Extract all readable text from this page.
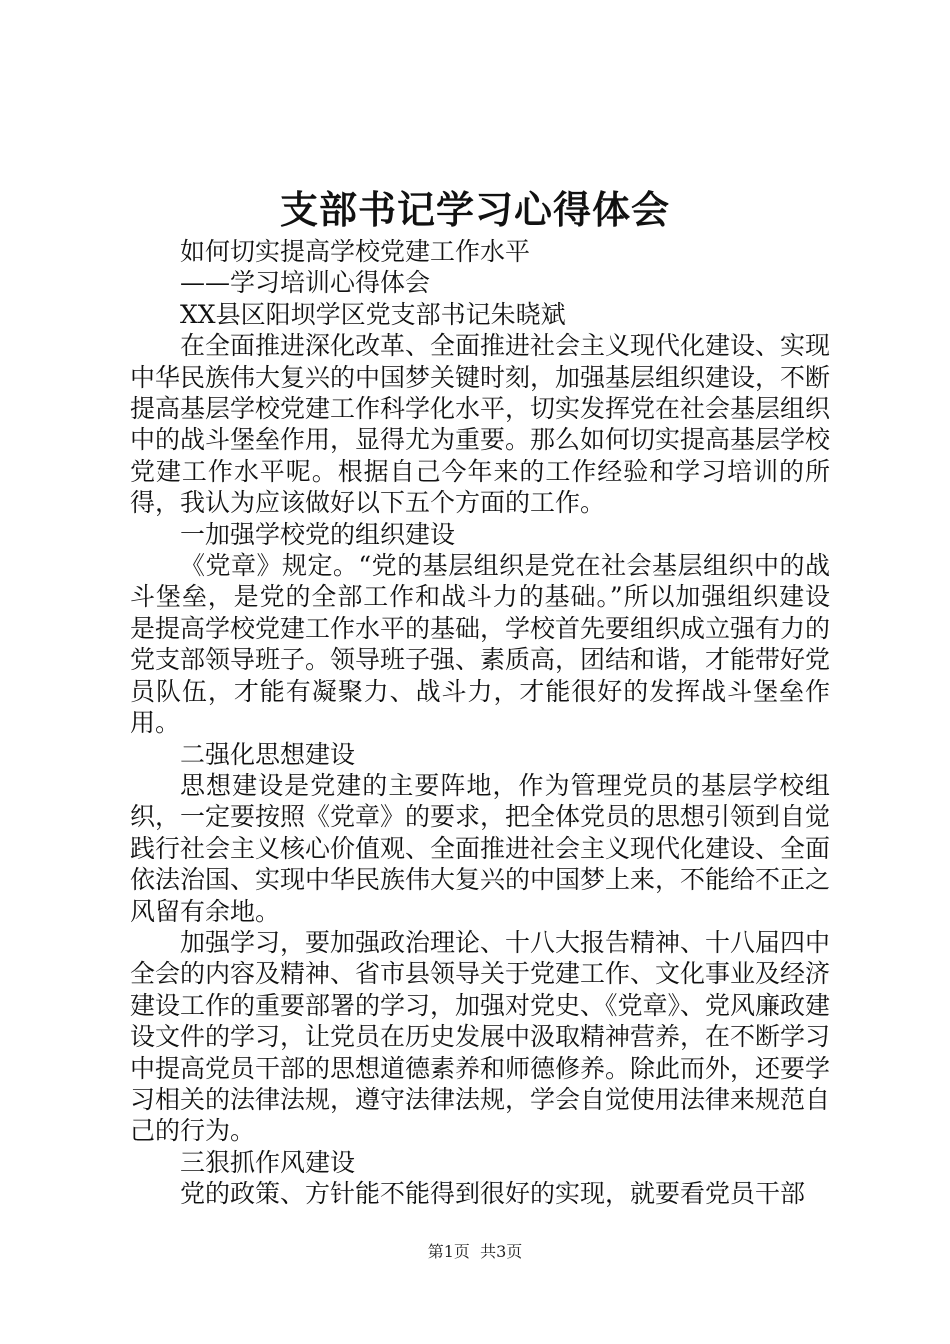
支部书记学习心得体会

如何切实提高学校党建工作水平

——学习培训心得体会

XX县区阳坝学区党支部书记朱晓斌

在全面推进深化改革、全面推进社会主义现代化建设、实现中华民族伟大复兴的中国梦关键时刻，加强基层组织建设，不断提高基层学校党建工作科学化水平，切实发挥党在社会基层组织中的战斗堡垒作用，显得尤为重要。那么如何切实提高基层学校党建工作水平呢。根据自己今年来的工作经验和学习培训的所得，我认为应该做好以下五个方面的工作。

一加强学校党的组织建设

《党章》规定。“党的基层组织是党在社会基层组织中的战斗堡垒，是党的全部工作和战斗力的基础。”所以加强组织建设是提高学校党建工作水平的基础，学校首先要组织成立强有力的党支部领导班子。领导班子强、素质高，团结和谐，才能带好党员队伍，才能有凝聚力、战斗力，才能很好的发挥战斗堡垒作用。

二强化思想建设

思想建设是党建的主要阵地，作为管理党员的基层学校组织，一定要按照《党章》的要求，把全体党员的思想引领到自觉践行社会主义核心价值观、全面推进社会主义现代化建设、全面依法治国、实现中华民族伟大复兴的中国梦上来，不能给不正之风留有余地。

加强学习，要加强政治理论、十八大报告精神、十八届四中全会的内容及精神、省市县领导关于党建工作、文化事业及经济建设工作的重要部署的学习，加强对党史、《党章》、党风廉政建设文件的学习，让党员在历史发展中汲取精神营养，在不断学习中提高党员干部的思想道德素养和师德修养。除此而外，还要学习相关的法律法规，遵守法律法规，学会自觉使用法律来规范自己的行为。

三狠抓作风建设

党的政策、方针能不能得到很好的实现，就要看党员干部

第1页  共3页
